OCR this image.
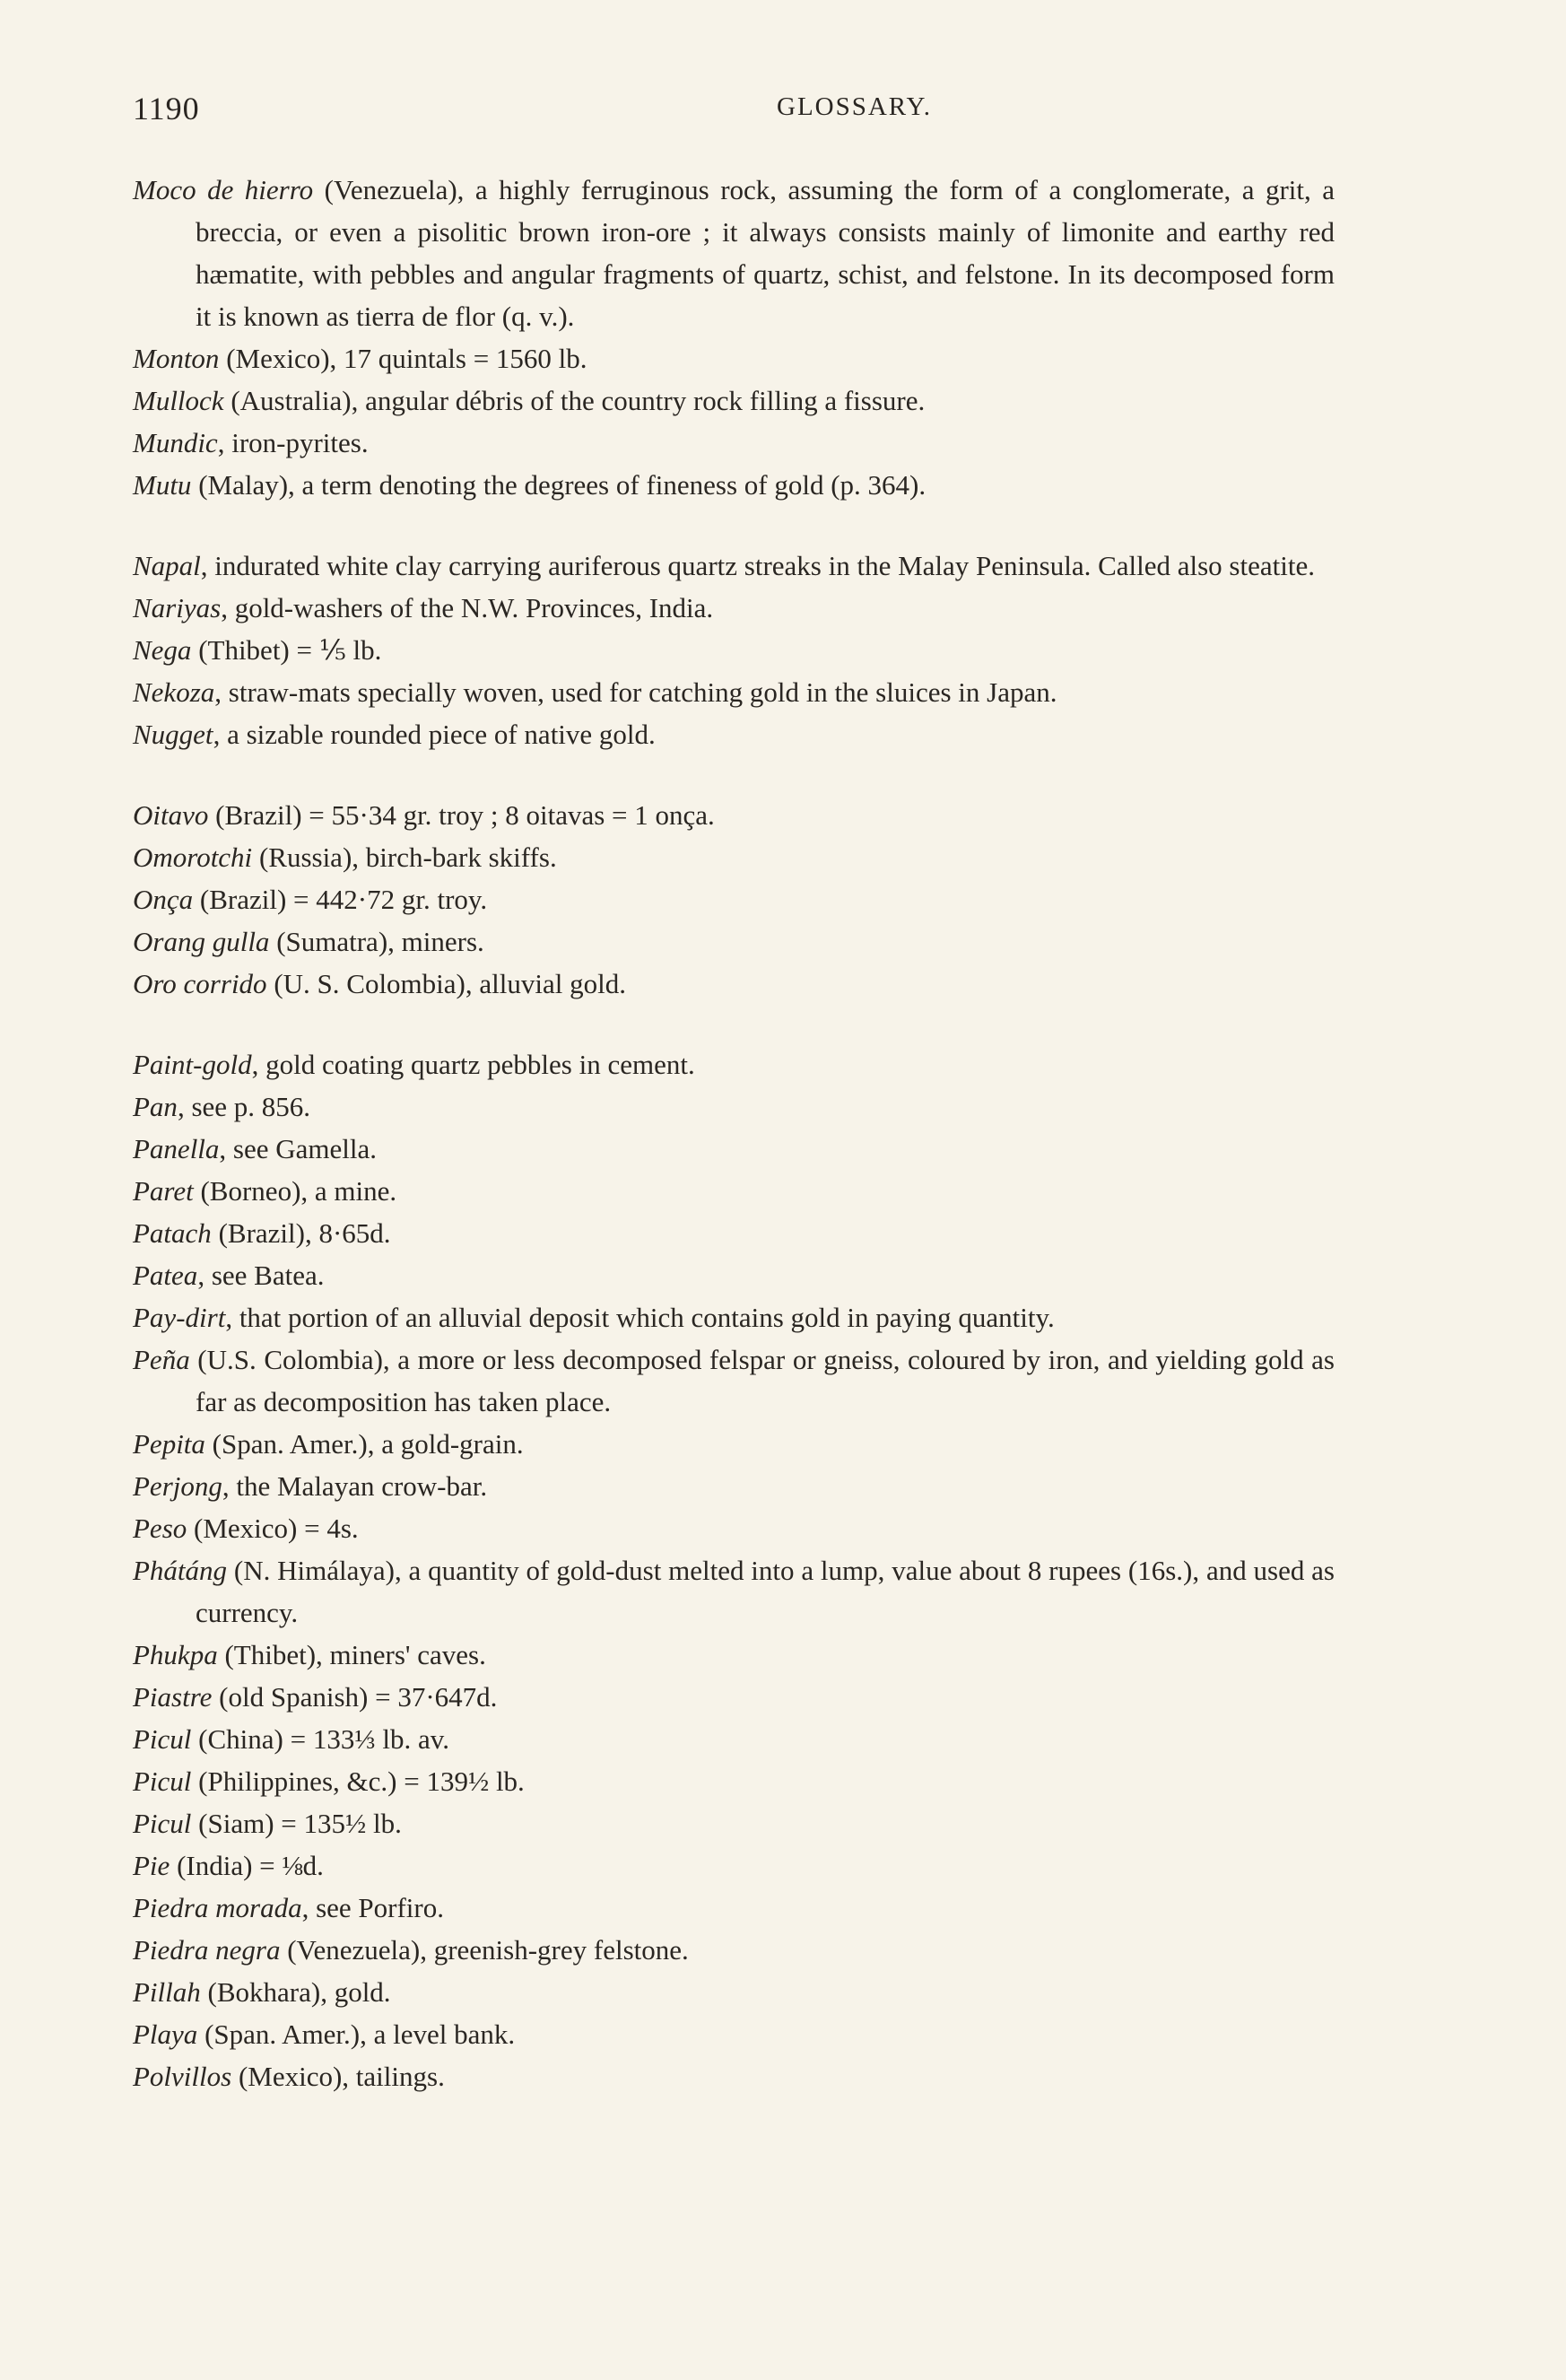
1190	GLOSSARY.

Moco de hierro (Venezuela), a highly ferruginous rock, assuming the form of a conglomerate, a grit, a breccia, or even a pisolitic brown iron-ore ; it always consists mainly of limonite and earthy red hæmatite, with pebbles and angular fragments of quartz, schist, and felstone. In its decomposed form it is known as tierra de flor (q. v.).

Monton (Mexico), 17 quintals = 1560 lb.

Mullock (Australia), angular débris of the country rock filling a fissure.

Mundic, iron-pyrites.

Mutu (Malay), a term denoting the degrees of fineness of gold (p. 364).

Napal, indurated white clay carrying auriferous quartz streaks in the Malay Peninsula. Called also steatite.

Nariyas, gold-washers of the N.W. Provinces, India.

Nega (Thibet) = ⅕ lb.

Nekoza, straw-mats specially woven, used for catching gold in the sluices in Japan.

Nugget, a sizable rounded piece of native gold.

Oitavo (Brazil) = 55·34 gr. troy ; 8 oitavas = 1 onça.

Omorotchi (Russia), birch-bark skiffs.

Onça (Brazil) = 442·72 gr. troy.

Orang gulla (Sumatra), miners.

Oro corrido (U. S. Colombia), alluvial gold.

Paint-gold, gold coating quartz pebbles in cement.

Pan, see p. 856.

Panella, see Gamella.

Paret (Borneo), a mine.

Patach (Brazil), 8·65d.

Patea, see Batea.

Pay-dirt, that portion of an alluvial deposit which contains gold in paying quantity.

Peña (U.S. Colombia), a more or less decomposed felspar or gneiss, coloured by iron, and yielding gold as far as decomposition has taken place.

Pepita (Span. Amer.), a gold-grain.

Perjong, the Malayan crow-bar.

Peso (Mexico) = 4s.

Phátáng (N. Himálaya), a quantity of gold-dust melted into a lump, value about 8 rupees (16s.), and used as currency.

Phukpa (Thibet), miners' caves.

Piastre (old Spanish) = 37·647d.

Picul (China) = 133⅓ lb. av.

Picul (Philippines, &c.) = 139½ lb.

Picul (Siam) = 135½ lb.

Pie (India) = ⅛d.

Piedra morada, see Porfiro.

Piedra negra (Venezuela), greenish-grey felstone.

Pillah (Bokhara), gold.

Playa (Span. Amer.), a level bank.

Polvillos (Mexico), tailings.
